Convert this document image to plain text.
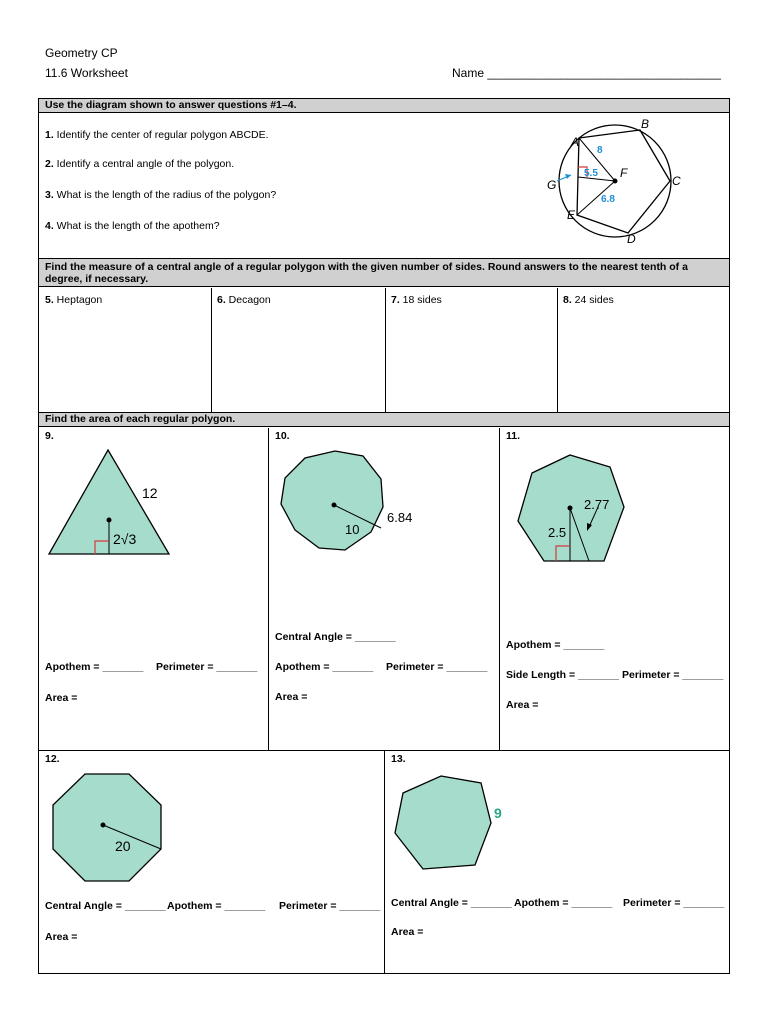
Geometry CP
11.6 Worksheet	Name ___________________________________
Use the diagram shown to answer questions #1–4.
1. Identify the center of regular polygon ABCDE.
2. Identify a central angle of the polygon.
3. What is the length of the radius of the polygon?
4. What is the length of the apothem?
A
B
C
D
E
F
G
8
5.5
6.8
Find the measure of a central angle of a regular polygon with the given number of sides. Round answers to the nearest tenth of a degree, if necessary.
5. Heptagon	6. Decagon	7. 18 sides	8. 24 sides
Find the area of each regular polygon.
9.
12
2√3
Apothem = _______ Perimeter = _______
Area =
10.
10
6.84
Central Angle = _______
Apothem = _______ Perimeter = _______
Area =
11.
2.77
2.5
Apothem = _______
Side Length = _______ Perimeter = _______
Area =
12.
20
Central Angle = _______ Apothem = _______ Perimeter = _______
Area =
13.
9
Central Angle = _______ Apothem = _______ Perimeter = _______
Area =
